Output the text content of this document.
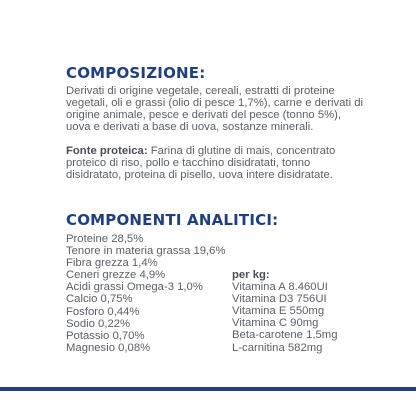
COMPOSIZIONE:

Derivati di origine vegetale, cereali, estratti di proteine vegetali, oli e grassi (olio di pesce 1,7%), carne e derivati di origine animale, pesce e derivati del pesce (tonno 5%), uova e derivati a base di uova, sostanze minerali.

Fonte proteica: Farina di glutine di mais, concentrato proteico di riso, pollo e tacchino disidratati, tonno disidratato, proteina di pisello, uova intere disidratate.

COMPONENTI ANALITICI:
Proteine 28,5%
Tenore in materia grassa 19,6%
Fibra grezza 1,4%
Ceneri grezze 4,9%
Acidi grassi Omega-3 1,0%
Calcio 0,75%
Fosforo 0,44%
Sodio 0,22%
Potassio 0,70%
Magnesio 0,08%
per kg:
Vitamina A 8.460UI
Vitamina D3 756UI
Vitamina E 550mg
Vitamina C 90mg
Beta-carotene 1,5mg
L-carnitina 582mg
